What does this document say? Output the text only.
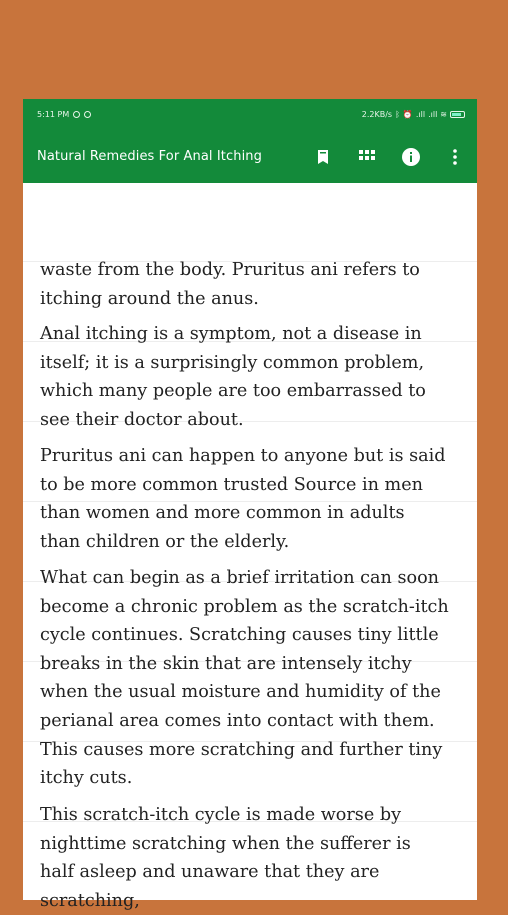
5:11 PM	2.2KB/s ᛒ ⏰ .ıll .ıll ≋
Natural Remedies For Anal Itching
waste from the body. Pruritus ani refers to itching around the anus.
Anal itching is a symptom, not a disease in itself; it is a surprisingly common problem, which many people are too embarrassed to see their doctor about.
Pruritus ani can happen to anyone but is said to be more common trusted Source in men than women and more common in adults than children or the elderly.
What can begin as a brief irritation can soon become a chronic problem as the scratch-itch cycle continues. Scratching causes tiny little breaks in the skin that are intensely itchy when the usual moisture and humidity of the perianal area comes into contact with them. This causes more scratching and further tiny itchy cuts.
This scratch-itch cycle is made worse by nighttime scratching when the sufferer is half asleep and unaware that they are scratching,
